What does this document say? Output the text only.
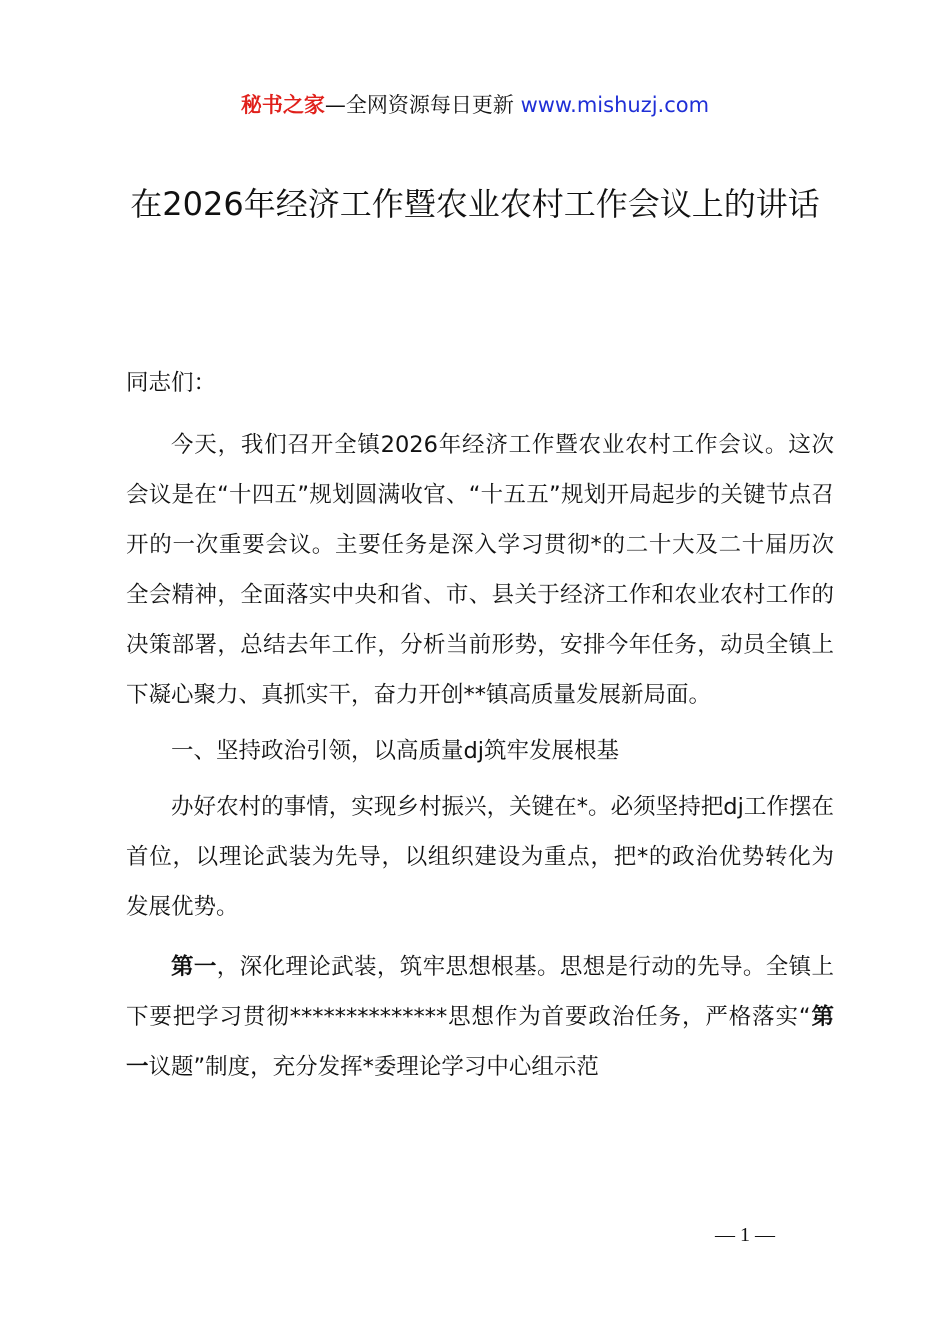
秘书之家—全网资源每日更新 www.mishuzj.com
在2026年经济工作暨农业农村工作会议上的讲话

同志们：

今天，我们召开全镇2026年经济工作暨农业农村工作会议。这次会议是在“十四五”规划圆满收官、“十五五”规划开局起步的关键节点召开的一次重要会议。主要任务是深入学习贯彻*的二十大及二十届历次全会精神，全面落实中央和省、市、县关于经济工作和农业农村工作的决策部署，总结去年工作，分析当前形势，安排今年任务，动员全镇上下凝心聚力、真抓实干，奋力开创**镇高质量发展新局面。

一、坚持政治引领，以高质量dj筑牢发展根基

办好农村的事情，实现乡村振兴，关键在*。必须坚持把dj工作摆在首位，以理论武装为先导，以组织建设为重点，把*的政治优势转化为发展优势。

第一，深化理论武装，筑牢思想根基。思想是行动的先导。全镇上下要把学习贯彻**************思想作为首要政治任务，严格落实“第一议题”制度，充分发挥*委理论学习中心组示范

— 1 —
